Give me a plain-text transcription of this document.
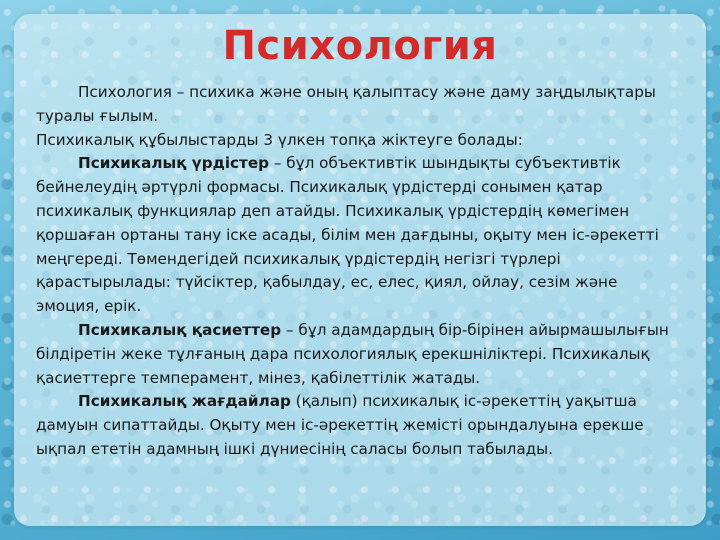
Психология

Психология – психика және оның қалыптасу және даму заңдылықтары туралы ғылым.

Психикалық құбылыстарды 3 үлкен топқа жіктеуге болады:

Психикалық үрдістер – бұл объективтік шындықты субъективтік бейнелеудің әртүрлі формасы. Психикалық үрдістерді сонымен қатар психикалық функциялар деп атайды. Психикалық үрдістердің көмегімен қоршаған ортаны тану іске асады, білім мен дағдыны, оқыту мен іс-әрекетті меңгереді. Төмендегідей психикалық үрдістердің негізгі түрлері қарастырылады: түйсіктер, қабылдау, ес, елес, қиял, ойлау, сезім және эмоция, ерік.

Психикалық қасиеттер – бұл адамдардың бір-бірінен айырмашылығын білдіретін жеке тұлғаның дара психологиялық ерекшніліктері. Психикалық қасиеттерге темперамент, мінез, қабілеттілік жатады.

Психикалық жағдайлар (қалып) психикалық іс-әрекеттің уақытша дамуын сипаттайды. Оқыту мен іс-әрекеттің жемісті орындалуына ерекше ықпал ететін адамның ішкі дүниесінің саласы болып табылады.
